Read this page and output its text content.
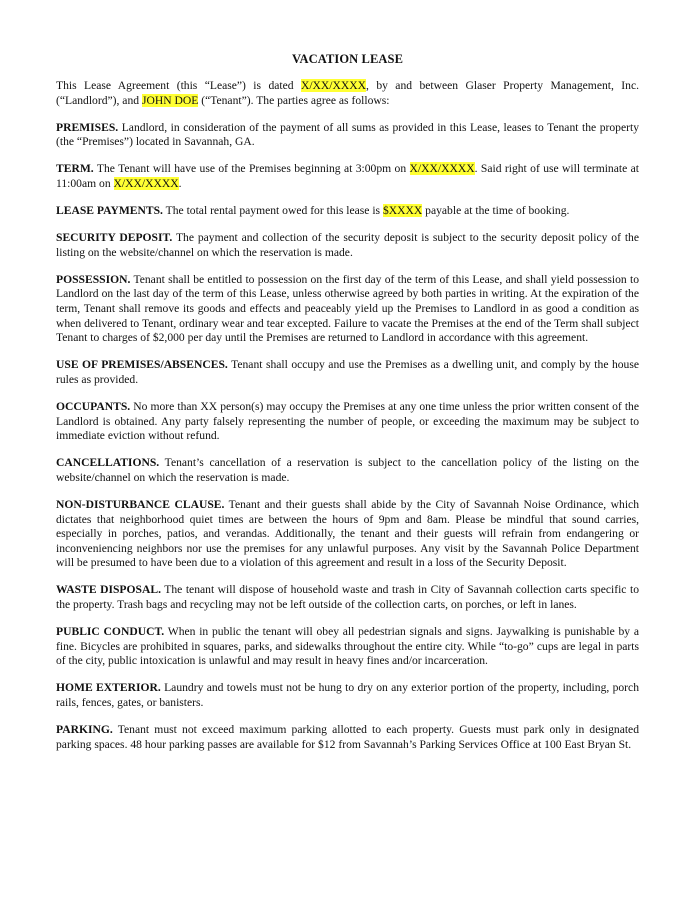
VACATION LEASE

This Lease Agreement (this “Lease”) is dated X/XX/XXXX, by and between Glaser Property Management, Inc. (“Landlord”), and JOHN DOE (“Tenant”). The parties agree as follows:

PREMISES. Landlord, in consideration of the payment of all sums as provided in this Lease, leases to Tenant the property (the “Premises”) located in Savannah, GA.

TERM. The Tenant will have use of the Premises beginning at 3:00pm on X/XX/XXXX. Said right of use will terminate at 11:00am on X/XX/XXXX.

LEASE PAYMENTS. The total rental payment owed for this lease is $XXXX payable at the time of booking.

SECURITY DEPOSIT. The payment and collection of the security deposit is subject to the security deposit policy of the listing on the website/channel on which the reservation is made.

POSSESSION. Tenant shall be entitled to possession on the first day of the term of this Lease, and shall yield possession to Landlord on the last day of the term of this Lease, unless otherwise agreed by both parties in writing. At the expiration of the term, Tenant shall remove its goods and effects and peaceably yield up the Premises to Landlord in as good a condition as when delivered to Tenant, ordinary wear and tear excepted. Failure to vacate the Premises at the end of the Term shall subject Tenant to charges of $2,000 per day until the Premises are returned to Landlord in accordance with this agreement.

USE OF PREMISES/ABSENCES. Tenant shall occupy and use the Premises as a dwelling unit, and comply by the house rules as provided.

OCCUPANTS. No more than XX person(s) may occupy the Premises at any one time unless the prior written consent of the Landlord is obtained. Any party falsely representing the number of people, or exceeding the maximum may be subject to immediate eviction without refund.

CANCELLATIONS. Tenant’s cancellation of a reservation is subject to the cancellation policy of the listing on the website/channel on which the reservation is made.

NON-DISTURBANCE CLAUSE. Tenant and their guests shall abide by the City of Savannah Noise Ordinance, which dictates that neighborhood quiet times are between the hours of 9pm and 8am. Please be mindful that sound carries, especially in porches, patios, and verandas. Additionally, the tenant and their guests will refrain from endangering or inconveniencing neighbors nor use the premises for any unlawful purposes. Any visit by the Savannah Police Department will be presumed to have been due to a violation of this agreement and result in a loss of the Security Deposit.

WASTE DISPOSAL. The tenant will dispose of household waste and trash in City of Savannah collection carts specific to the property. Trash bags and recycling may not be left outside of the collection carts, on porches, or left in lanes.

PUBLIC CONDUCT. When in public the tenant will obey all pedestrian signals and signs. Jaywalking is punishable by a fine. Bicycles are prohibited in squares, parks, and sidewalks throughout the entire city. While “to-go” cups are legal in parts of the city, public intoxication is unlawful and may result in heavy fines and/or incarceration.

HOME EXTERIOR. Laundry and towels must not be hung to dry on any exterior portion of the property, including, porch rails, fences, gates, or banisters.

PARKING. Tenant must not exceed maximum parking allotted to each property. Guests must park only in designated parking spaces. 48 hour parking passes are available for $12 from Savannah’s Parking Services Office at 100 East Bryan St.
